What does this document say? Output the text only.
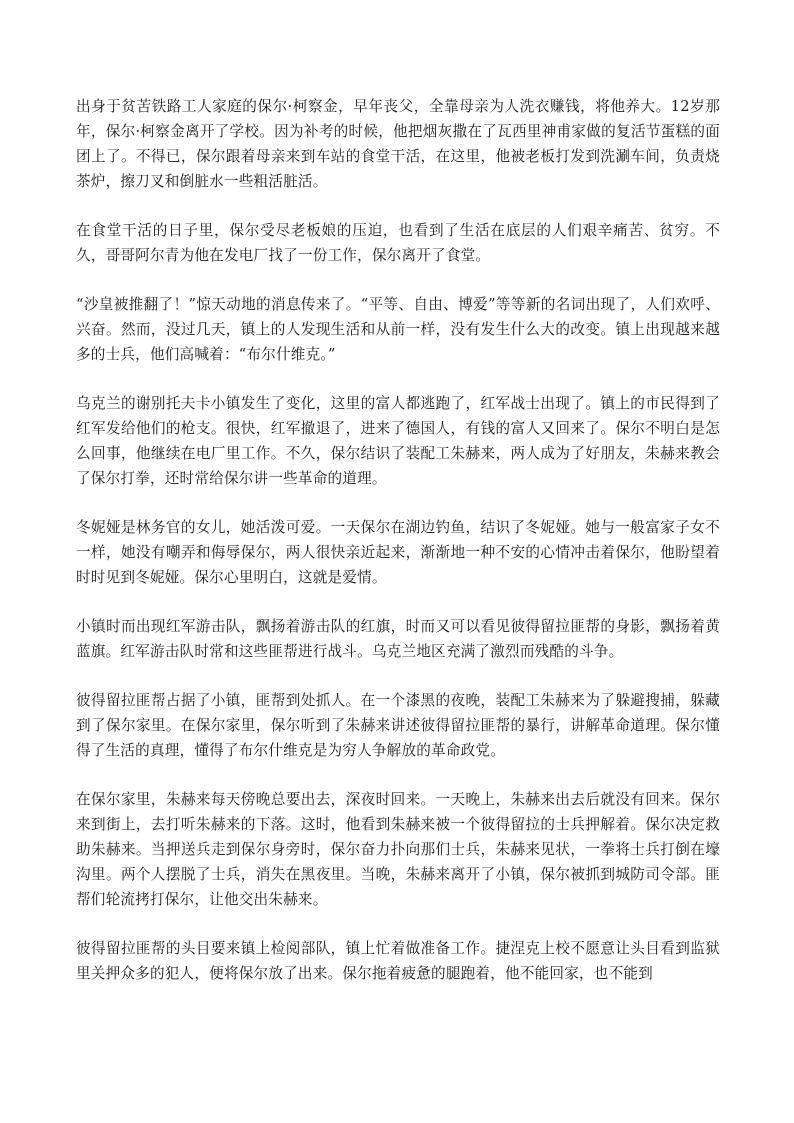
出身于贫苦铁路工人家庭的保尔·柯察金，早年丧父，全靠母亲为人洗衣赚钱，将他养大。12岁那年，保尔·柯察金离开了学校。因为补考的时候，他把烟灰撒在了瓦西里神甫家做的复活节蛋糕的面团上了。不得已，保尔跟着母亲来到车站的食堂干活，在这里，他被老板打发到洗涮车间，负责烧茶炉，擦刀叉和倒脏水一些粗活脏活。

在食堂干活的日子里，保尔受尽老板娘的压迫，也看到了生活在底层的人们艰辛痛苦、贫穷。不久，哥哥阿尔青为他在发电厂找了一份工作，保尔离开了食堂。

“沙皇被推翻了！”惊天动地的消息传来了。“平等、自由、博爱”等等新的名词出现了，人们欢呼、兴奋。然而，没过几天，镇上的人发现生活和从前一样，没有发生什么大的改变。镇上出现越来越多的士兵，他们高喊着：“布尔什维克。”

乌克兰的谢别托夫卡小镇发生了变化，这里的富人都逃跑了，红军战士出现了。镇上的市民得到了红军发给他们的枪支。很快，红军撤退了，进来了德国人，有钱的富人又回来了。保尔不明白是怎么回事，他继续在电厂里工作。不久，保尔结识了装配工朱赫来，两人成为了好朋友，朱赫来教会了保尔打拳，还时常给保尔讲一些革命的道理。

冬妮娅是林务官的女儿，她活泼可爱。一天保尔在湖边钓鱼，结识了冬妮娅。她与一般富家子女不一样，她没有嘲弄和侮辱保尔，两人很快亲近起来，渐渐地一种不安的心情冲击着保尔，他盼望着时时见到冬妮娅。保尔心里明白，这就是爱情。

小镇时而出现红军游击队，飘扬着游击队的红旗，时而又可以看见彼得留拉匪帮的身影，飘扬着黄蓝旗。红军游击队时常和这些匪帮进行战斗。乌克兰地区充满了激烈而残酷的斗争。

彼得留拉匪帮占据了小镇，匪帮到处抓人。在一个漆黑的夜晚，装配工朱赫来为了躲避搜捕，躲藏到了保尔家里。在保尔家里，保尔听到了朱赫来讲述彼得留拉匪帮的暴行，讲解革命道理。保尔懂得了生活的真理，懂得了布尔什维克是为穷人争解放的革命政党。

在保尔家里，朱赫来每天傍晚总要出去，深夜时回来。一天晚上，朱赫来出去后就没有回来。保尔来到街上，去打听朱赫来的下落。这时，他看到朱赫来被一个彼得留拉的士兵押解着。保尔决定救助朱赫来。当押送兵走到保尔身旁时，保尔奋力扑向那们士兵，朱赫来见状，一拳将士兵打倒在壕沟里。两个人摆脱了士兵，消失在黑夜里。当晚，朱赫来离开了小镇，保尔被抓到城防司令部。匪帮们轮流拷打保尔，让他交出朱赫来。

彼得留拉匪帮的头目要来镇上检阅部队，镇上忙着做准备工作。捷涅克上校不愿意让头目看到监狱里关押众多的犯人，便将保尔放了出来。保尔拖着疲惫的腿跑着，他不能回家，也不能到
